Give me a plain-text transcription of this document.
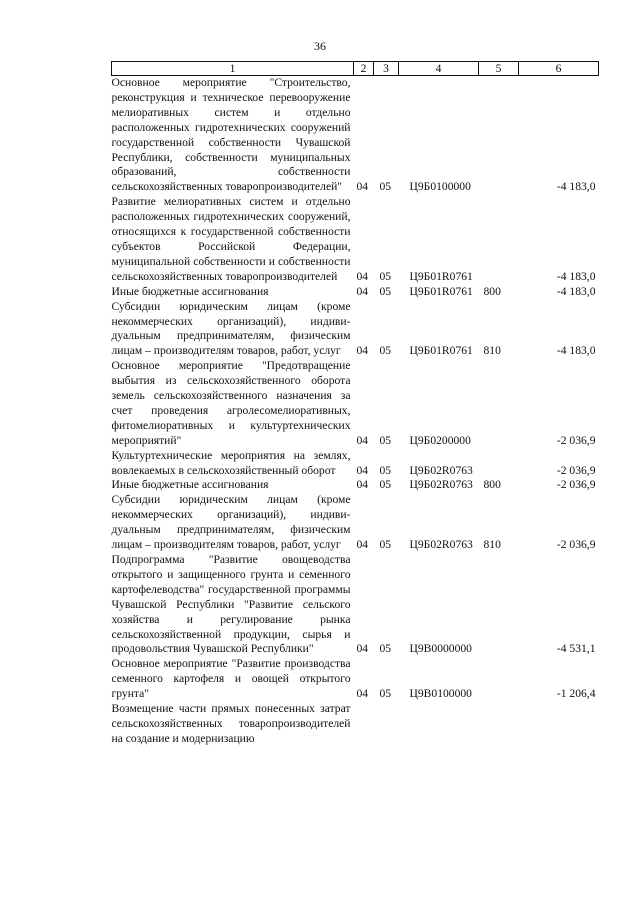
36
1	2	3	4	5	6
Основное мероприятие "Строительство, реконструкция и техническое перевооружение мелиоративных систем и отдельно расположенных гидротехнических сооружений государственной собственности Чувашской Республики, собственности муниципальных образований, собственности сельскохозяйственных товаропроизводителей"	04	05	Ц9Б0100000		-4 183,0
Развитие мелиоративных систем и отдельно расположенных гидротехнических сооружений, относящихся к государственной собственности субъектов Российской Федерации, муниципальной собственности и собственности сельскохозяйственных товаропроизводителей	04	05	Ц9Б01R0761		-4 183,0
Иные бюджетные ассигнования	04	05	Ц9Б01R0761	800	-4 183,0
Субсидии юридическим лицам (кроме некоммерческих организаций), индивидуальным предпринимателям, физическим лицам – производителям товаров, работ, услуг	04	05	Ц9Б01R0761	810	-4 183,0
Основное мероприятие "Предотвращение выбытия из сельскохозяйственного оборота земель сельскохозяйственного назначения за счет проведения агролесомелиоративных, фитомелиоративных и культуртехнических мероприятий"	04	05	Ц9Б0200000		-2 036,9
Культуртехнические мероприятия на землях, вовлекаемых в сельскохозяйственный оборот	04	05	Ц9Б02R0763		-2 036,9
Иные бюджетные ассигнования	04	05	Ц9Б02R0763	800	-2 036,9
Субсидии юридическим лицам (кроме некоммерческих организаций), индивидуальным предпринимателям, физическим лицам – производителям товаров, работ, услуг	04	05	Ц9Б02R0763	810	-2 036,9
Подпрограмма "Развитие овощеводства открытого и защищенного грунта и семенного картофелеводства" государственной программы Чувашской Республики "Развитие сельского хозяйства и регулирование рынка сельскохозяйственной продукции, сырья и продовольствия Чувашской Республики"	04	05	Ц9В0000000		-4 531,1
Основное мероприятие "Развитие производства семенного картофеля и овощей открытого грунта"	04	05	Ц9В0100000		-1 206,4
Возмещение части прямых понесенных затрат сельскохозяйственных товаропроизводителей на создание и модернизацию					
